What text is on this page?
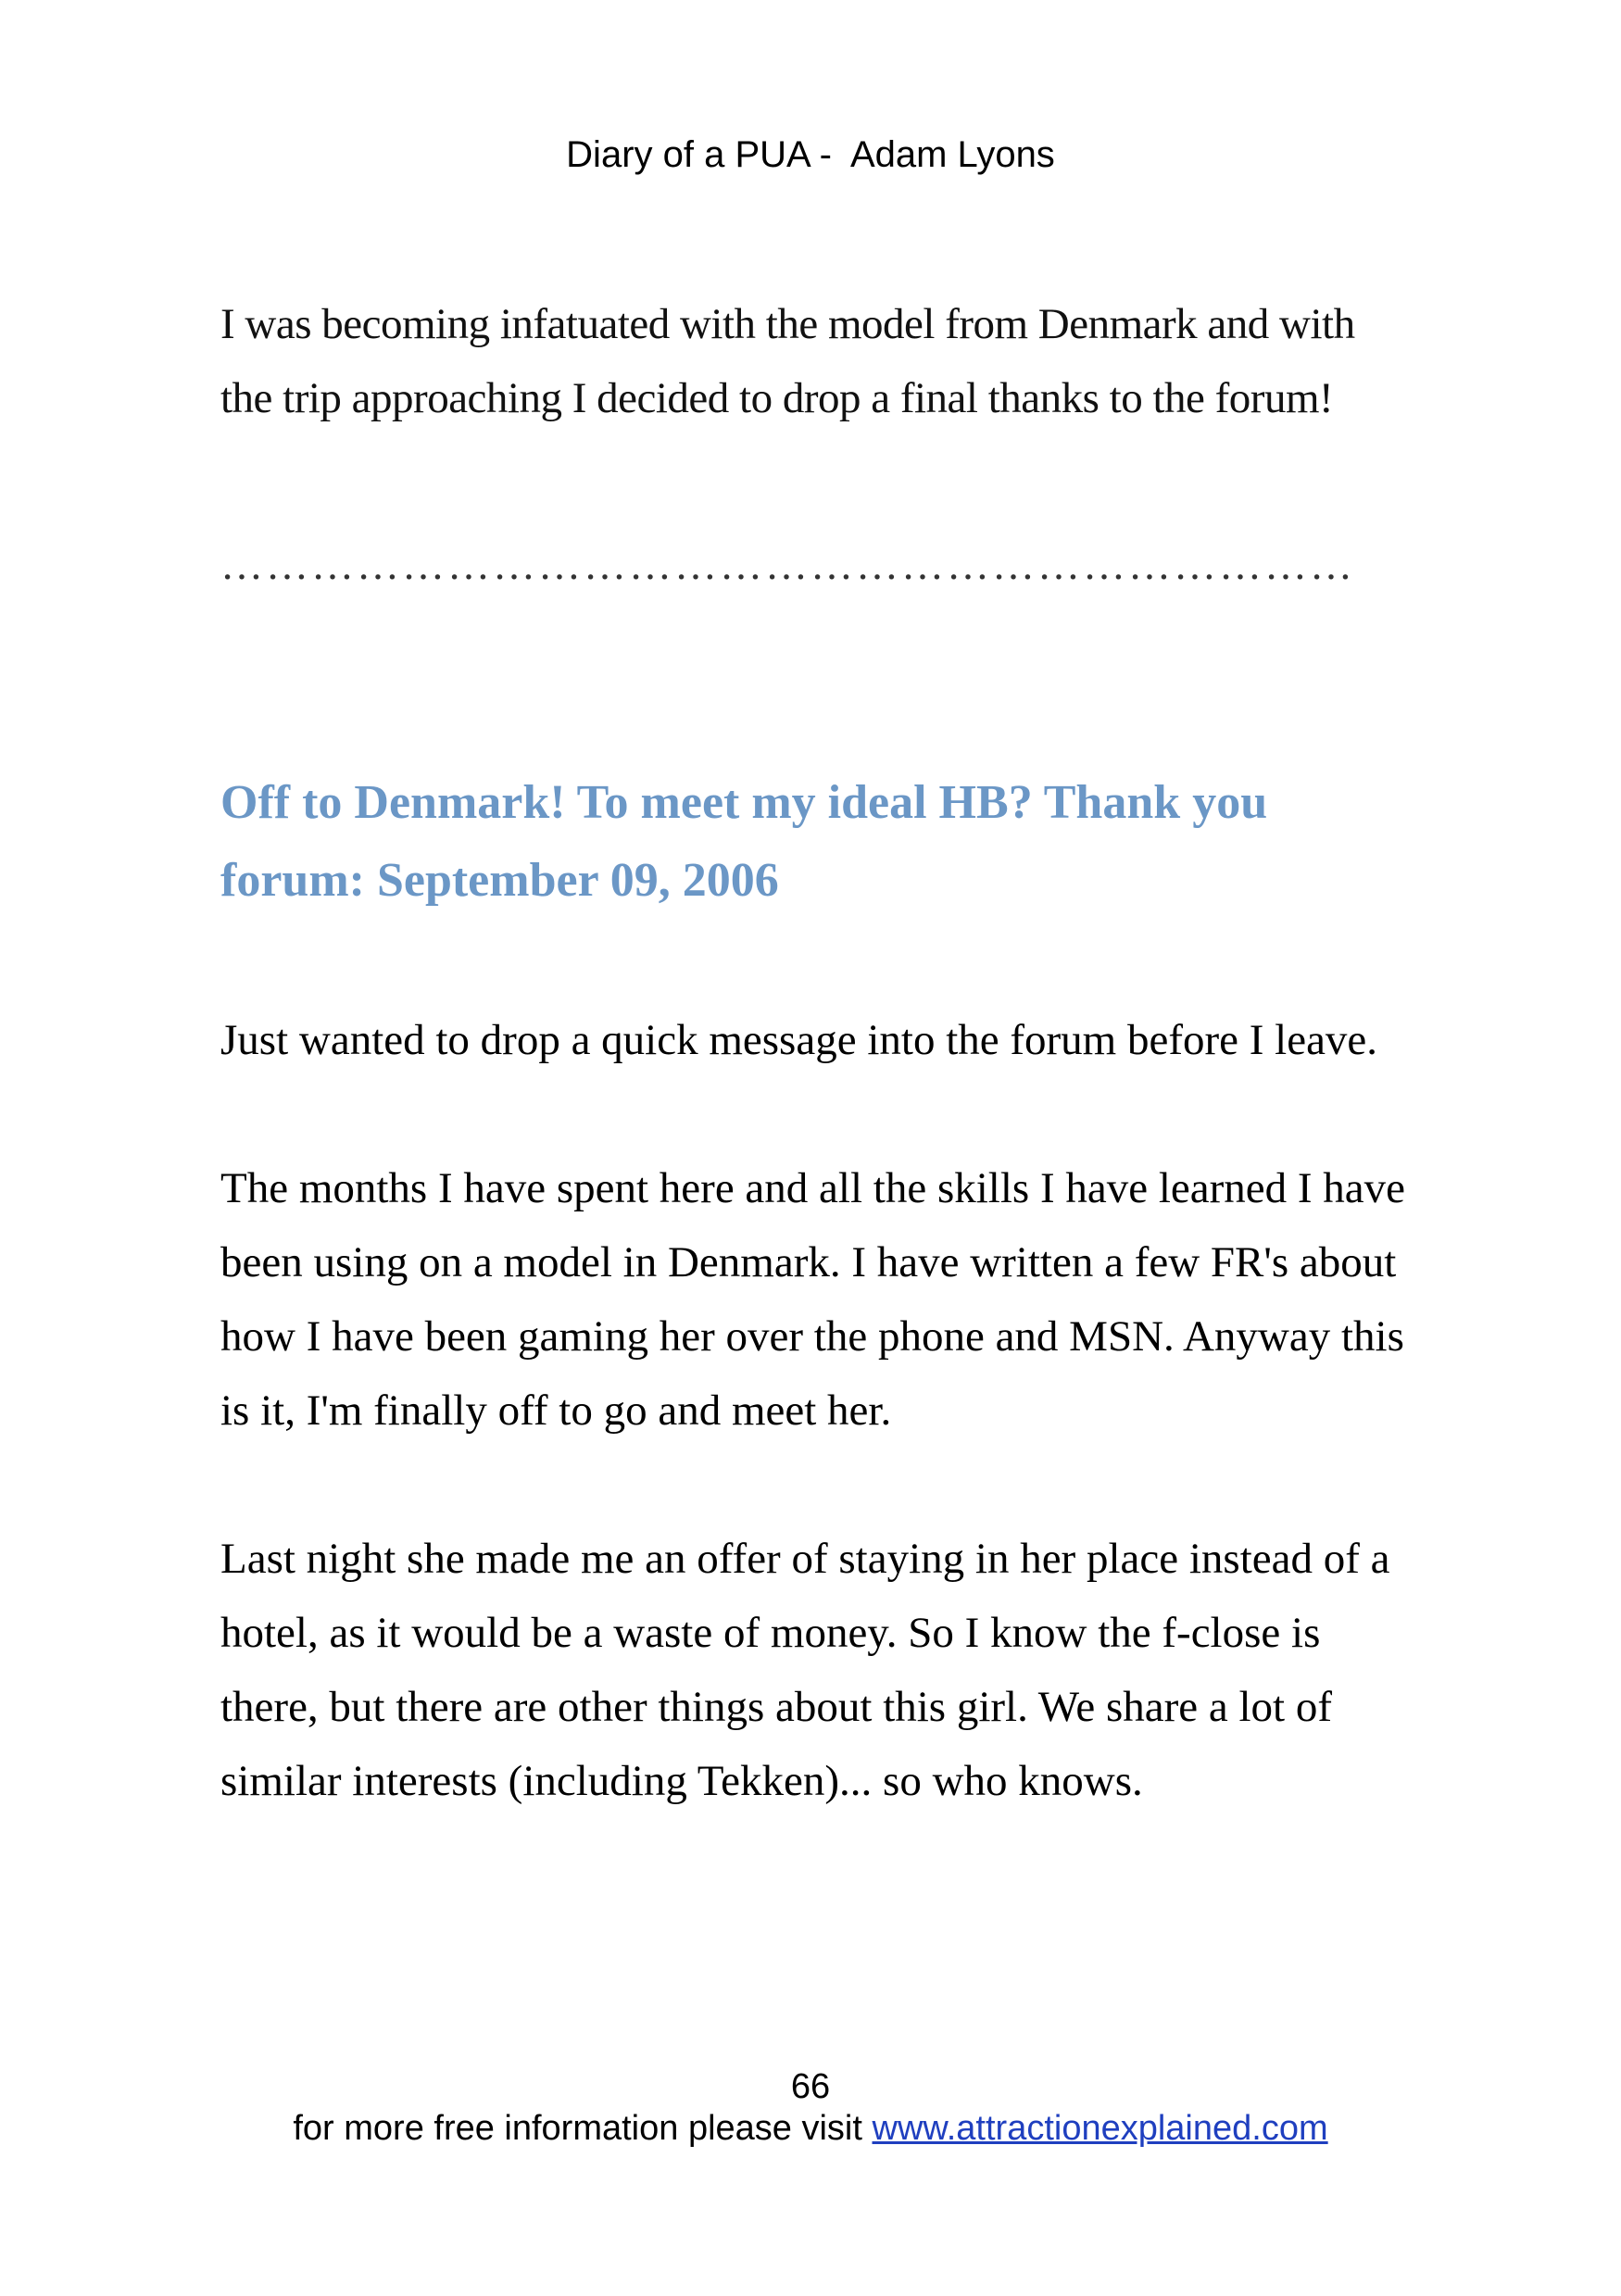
Diary of a PUA -  Adam Lyons

I was becoming infatuated with the model from Denmark and with the trip approaching I decided to drop a final thanks to the forum!

…………………………………………………………………
Off to Denmark! To meet my ideal HB? Thank you forum: September 09, 2006

Just wanted to drop a quick message into the forum before I leave.

The months I have spent here and all the skills I have learned I have been using on a model in Denmark. I have written a few FR's about how I have been gaming her over the phone and MSN. Anyway this is it, I'm finally off to go and meet her.

Last night she made me an offer of staying in her place instead of a hotel, as it would be a waste of money. So I know the f-close is there, but there are other things about this girl. We share a lot of similar interests (including Tekken)... so who knows.

66
for more free information please visit www.attractionexplained.com
